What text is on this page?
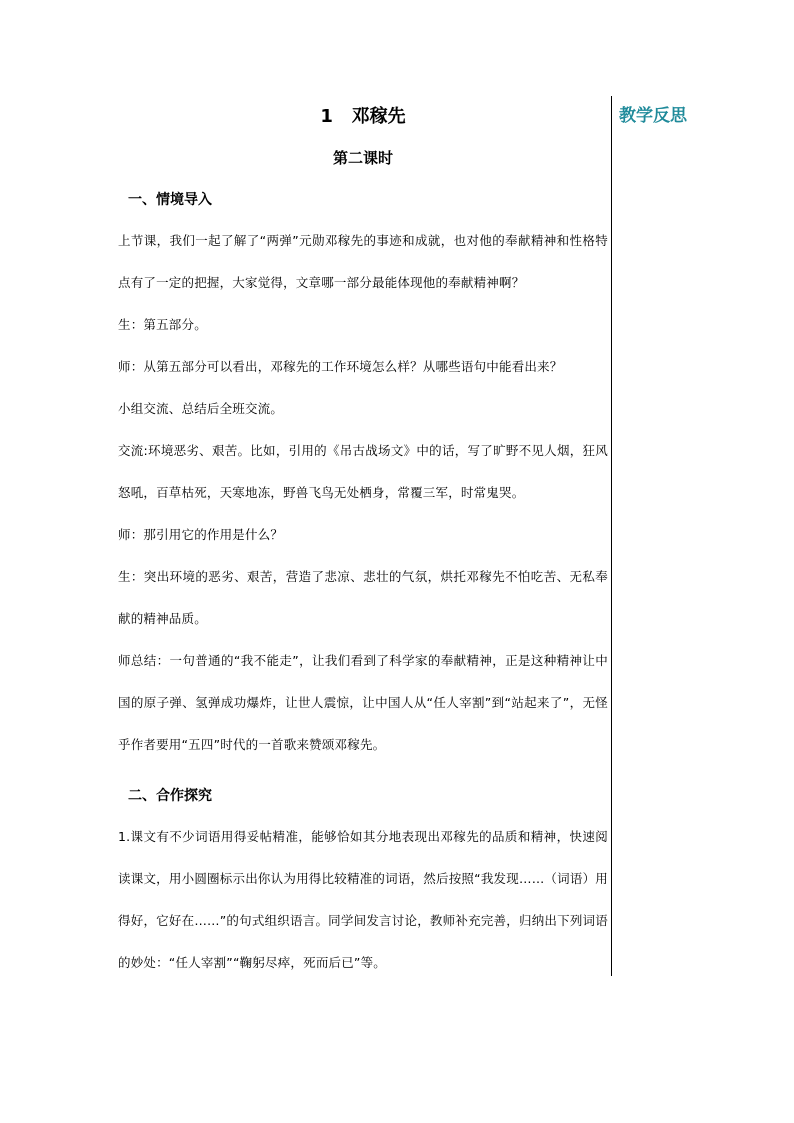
1   邓稼先
第二课时
一、情境导入

上节课，我们一起了解了“两弹”元勋邓稼先的事迹和成就，也对他的奉献精神和性格特点有了一定的把握，大家觉得，文章哪一部分最能体现他的奉献精神啊？

生：第五部分。

师：从第五部分可以看出，邓稼先的工作环境怎么样？从哪些语句中能看出来？

小组交流、总结后全班交流。

交流:环境恶劣、艰苦。比如，引用的《吊古战场文》中的话，写了旷野不见人烟，狂风怒吼，百草枯死，天寒地冻，野兽飞鸟无处栖身，常覆三军，时常鬼哭。

师：那引用它的作用是什么？

生：突出环境的恶劣、艰苦，营造了悲凉、悲壮的气氛，烘托邓稼先不怕吃苦、无私奉献的精神品质。

师总结：一句普通的“我不能走”，让我们看到了科学家的奉献精神，正是这种精神让中国的原子弹、氢弹成功爆炸，让世人震惊，让中国人从“任人宰割”到“站起来了”，无怪乎作者要用“五四”时代的一首歌来赞颂邓稼先。

二、合作探究

1.课文有不少词语用得妥帖精准，能够恰如其分地表现出邓稼先的品质和精神，快速阅读课文，用小圆圈标示出你认为用得比较精准的词语，然后按照“我发现……（词语）用得好，它好在……”的句式组织语言。同学间发言讨论，教师补充完善，归纳出下列词语的妙处：“任人宰割”“鞠躬尽瘁，死而后已”等。

教学反思
